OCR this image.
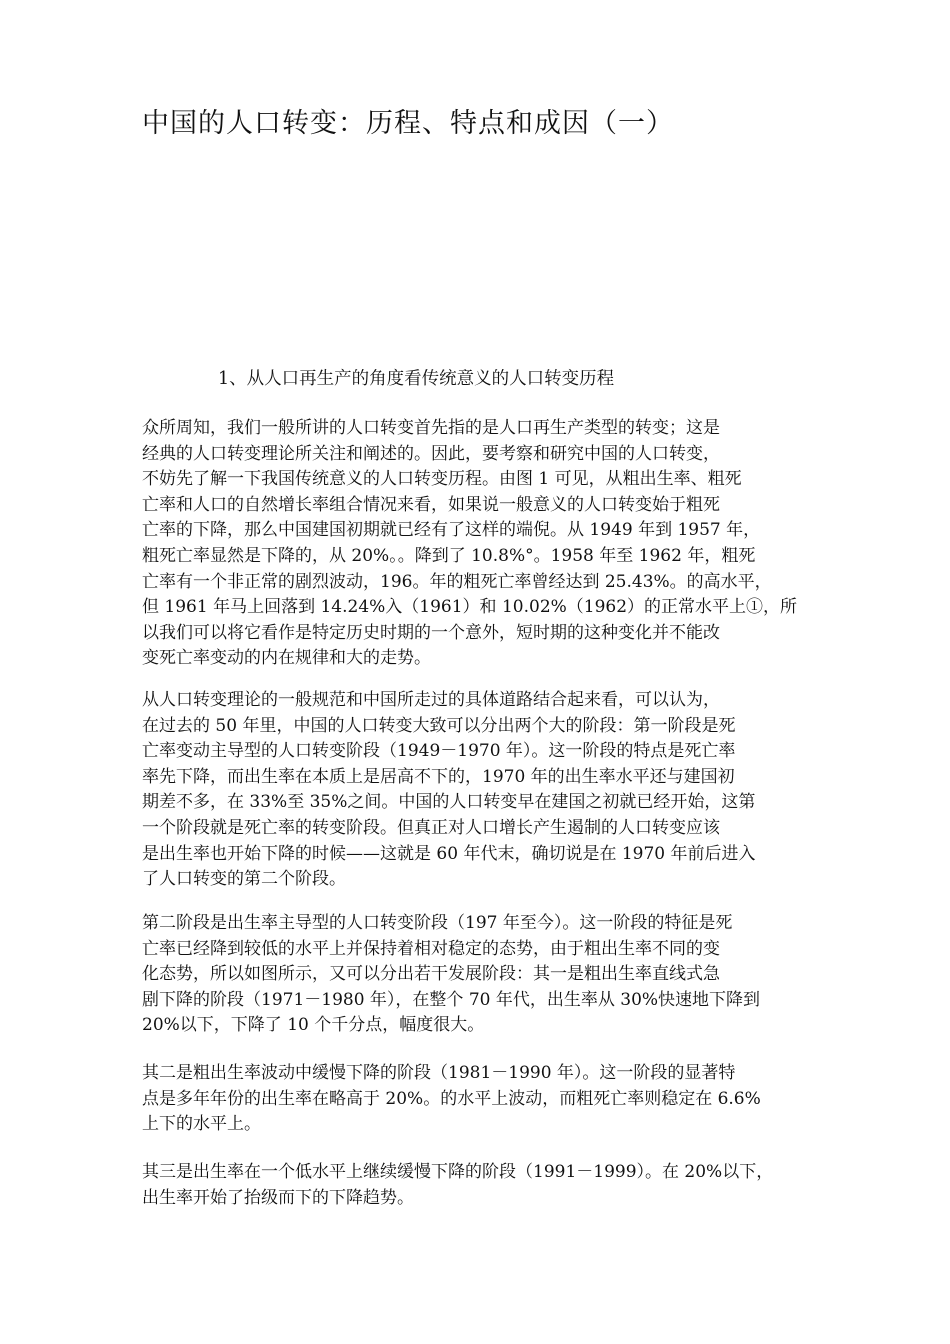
中国的人口转变：历程、特点和成因（一）
1、从人口再生产的角度看传统意义的人口转变历程

众所周知，我们一般所讲的人口转变首先指的是人口再生产类型的转变；这是
经典的人口转变理论所关注和阐述的。因此，要考察和研究中国的人口转变，
不妨先了解一下我国传统意义的人口转变历程。由图 1 可见，从粗出生率、粗死
亡率和人口的自然增长率组合情况来看，如果说一般意义的人口转变始于粗死
亡率的下降，那么中国建国初期就已经有了这样的端倪。从 1949 年到 1957 年，
粗死亡率显然是下降的，从 20%。。降到了 10.8%°。1958 年至 1962 年，粗死
亡率有一个非正常的剧烈波动，196。年的粗死亡率曾经达到 25.43%。的高水平，
但 1961 年马上回落到 14.24%入（1961）和 10.02%（1962）的正常水平上①，所
以我们可以将它看作是特定历史时期的一个意外，短时期的这种变化并不能改
变死亡率变动的内在规律和大的走势。

从人口转变理论的一般规范和中国所走过的具体道路结合起来看，可以认为，
在过去的 50 年里，中国的人口转变大致可以分出两个大的阶段：第一阶段是死
亡率变动主导型的人口转变阶段（1949－1970 年）。这一阶段的特点是死亡率
率先下降，而出生率在本质上是居高不下的，1970 年的出生率水平还与建国初
期差不多，在 33%至 35%之间。中国的人口转变早在建国之初就已经开始，这第
一个阶段就是死亡率的转变阶段。但真正对人口增长产生遏制的人口转变应该
是出生率也开始下降的时候——这就是 60 年代末，确切说是在 1970 年前后进入
了人口转变的第二个阶段。

第二阶段是出生率主导型的人口转变阶段（197 年至今）。这一阶段的特征是死
亡率已经降到较低的水平上并保持着相对稳定的态势，由于粗出生率不同的变
化态势，所以如图所示，又可以分出若干发展阶段：其一是粗出生率直线式急
剧下降的阶段（1971－1980 年），在整个 70 年代，出生率从 30%快速地下降到
20%以下，下降了 10 个千分点，幅度很大。

其二是粗出生率波动中缓慢下降的阶段（1981－1990 年）。这一阶段的显著特
点是多年年份的出生率在略高于 20%。的水平上波动，而粗死亡率则稳定在 6.6%
上下的水平上。

其三是出生率在一个低水平上继续缓慢下降的阶段（1991－1999）。在 20%以下，
出生率开始了抬级而下的下降趋势。
